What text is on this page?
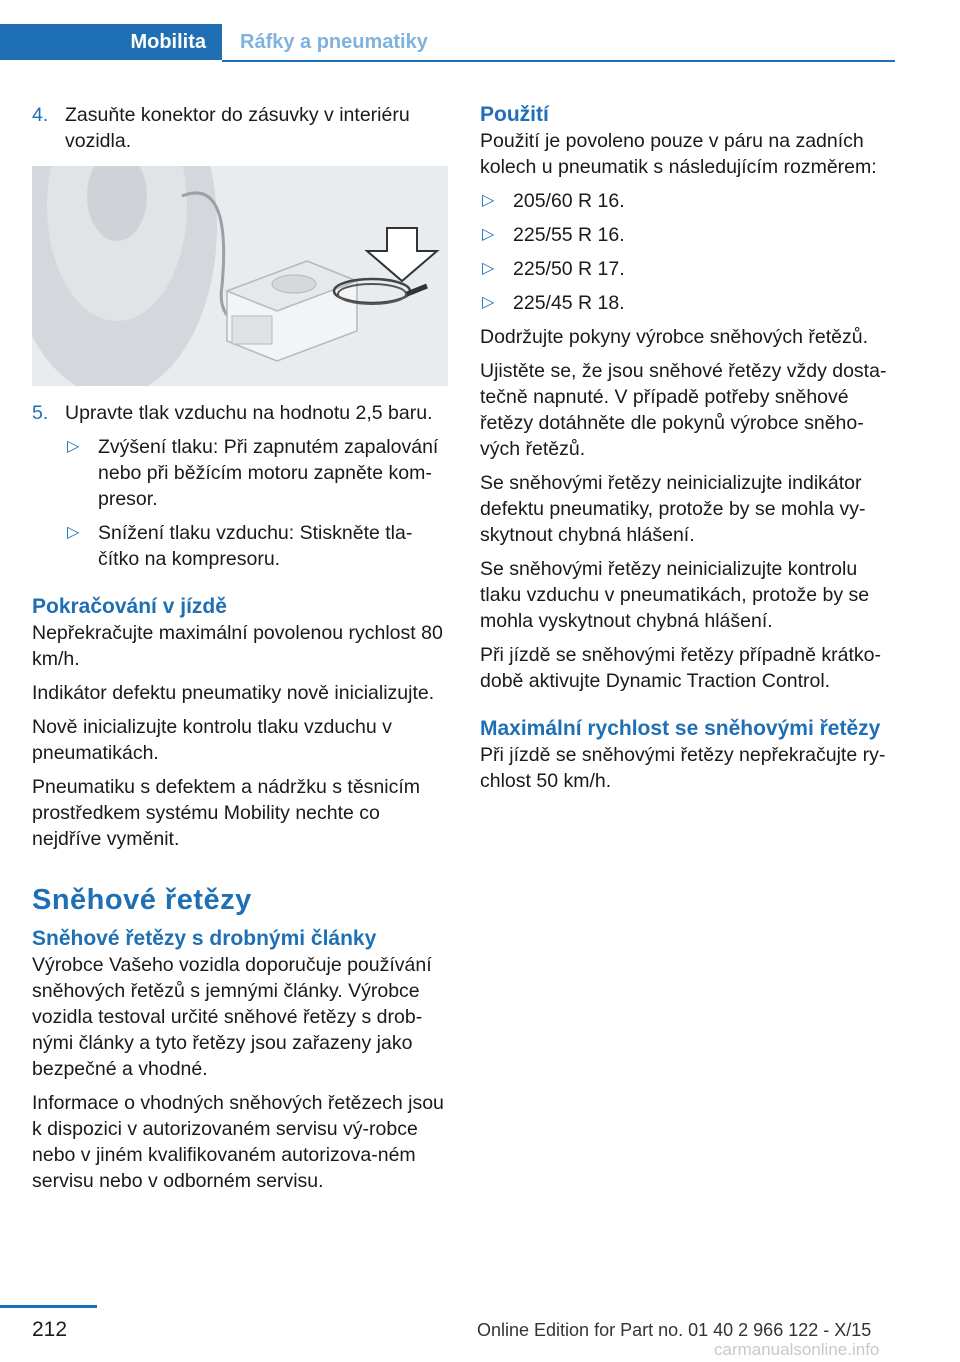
Mobilita	Ráfky a pneumatiky
4. Zasuňte konektor do zásuvky v interiéru vozidla.
5. Upravte tlak vzduchu na hodnotu 2,5 baru.
▷ Zvýšení tlaku: Při zapnutém zapalování nebo při běžícím motoru zapněte kom‐presor.
▷ Snížení tlaku vzduchu: Stiskněte tla‐čítko na kompresoru.
Pokračování v jízdě

Nepřekračujte maximální povolenou rychlost 80 km/h.

Indikátor defektu pneumatiky nově inicializujte.

Nově inicializujte kontrolu tlaku vzduchu v pneumatikách.

Pneumatiku s defektem a nádržku s těsnicím prostředkem systému Mobility nechte co nejdříve vyměnit.

Sněhové řetězy
Sněhové řetězy s drobnými články

Výrobce Vašeho vozidla doporučuje používání sněhových řetězů s jemnými články. Výrobce vozidla testoval určité sněhové řetězy s drob‐nými články a tyto řetězy jsou zařazeny jako bezpečné a vhodné.

Informace o vhodných sněhových řetězech jsou k dispozici v autorizovaném servisu vý‐robce nebo v jiném kvalifikovaném autorizova‐ném servisu nebo v odborném servisu.

Použití

Použití je povoleno pouze v páru na zadních kolech u pneumatik s následujícím rozměrem:

▷ 205/60 R 16.
▷ 225/55 R 16.
▷ 225/50 R 17.
▷ 225/45 R 18.

Dodržujte pokyny výrobce sněhových řetězů.

Ujistěte se, že jsou sněhové řetězy vždy dosta‐tečně napnuté. V případě potřeby sněhové řetězy dotáhněte dle pokynů výrobce sněho‐vých řetězů.

Se sněhovými řetězy neinicializujte indikátor defektu pneumatiky, protože by se mohla vy‐skytnout chybná hlášení.

Se sněhovými řetězy neinicializujte kontrolu tlaku vzduchu v pneumatikách, protože by se mohla vyskytnout chybná hlášení.

Při jízdě se sněhovými řetězy případně krátko‐době aktivujte Dynamic Traction Control.

Maximální rychlost se sněhovými řetězy

Při jízdě se sněhovými řetězy nepřekračujte ry‐chlost 50 km/h.

212	Online Edition for Part no. 01 40 2 966 122 - X/15
carmanualsonline.info
